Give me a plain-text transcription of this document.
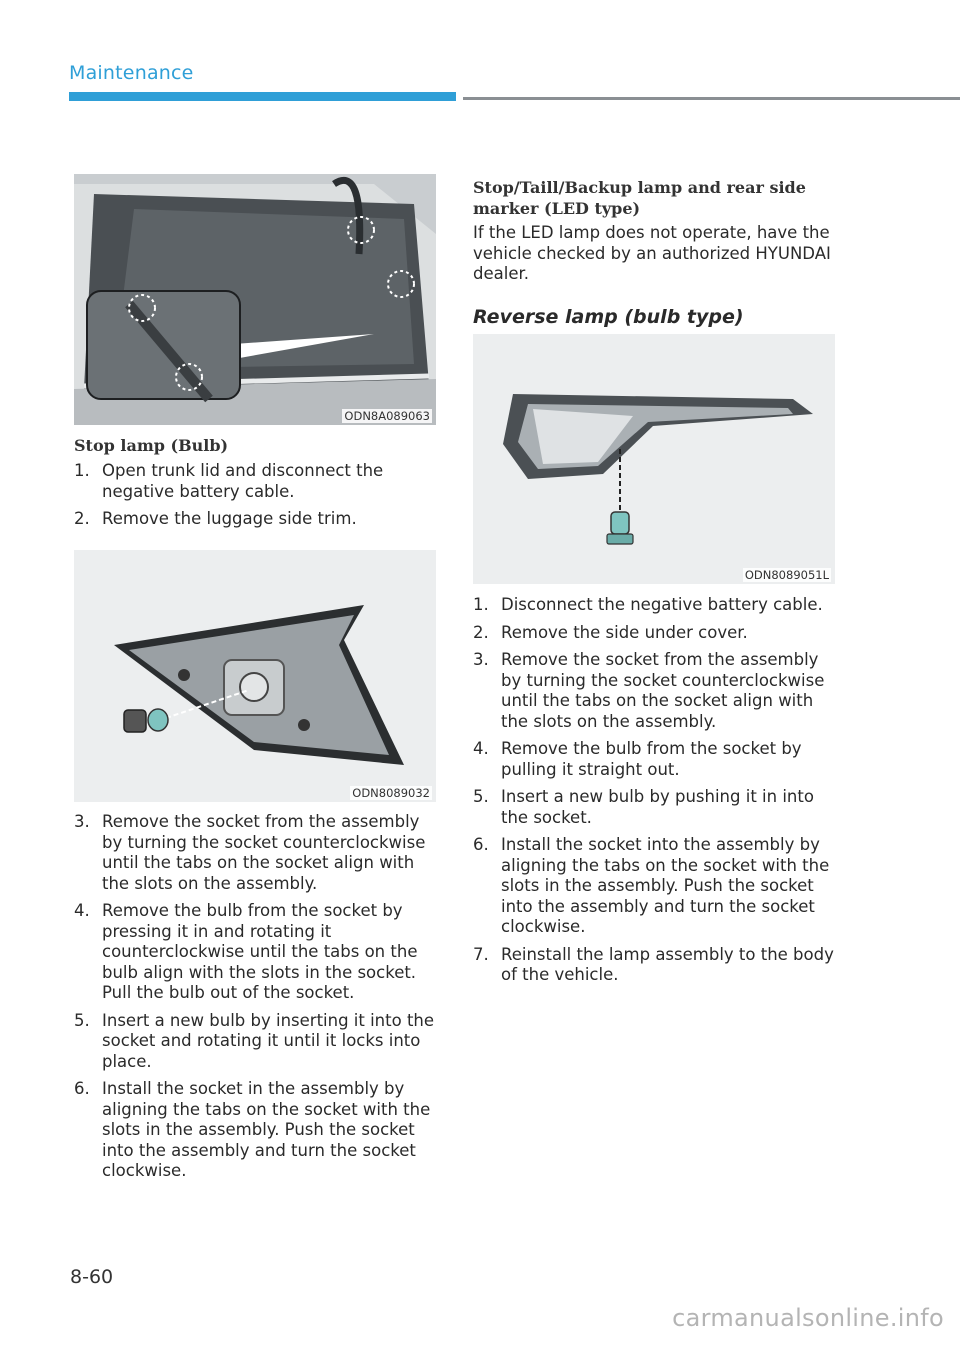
Maintenance
ODN8A089063
Stop lamp (Bulb)
1. Open trunk lid and disconnect the negative battery cable.
2. Remove the luggage side trim.
ODN8089032
3. Remove the socket from the assembly by turning the socket counterclockwise until the tabs on the socket align with the slots on the assembly.
4. Remove the bulb from the socket by pressing it in and rotating it counterclockwise until the tabs on the bulb align with the slots in the socket. Pull the bulb out of the socket.
5. Insert a new bulb by inserting it into the socket and rotating it until it locks into place.
6. Install the socket in the assembly by aligning the tabs on the socket with the slots in the assembly. Push the socket into the assembly and turn the socket clockwise.
Stop/Taill/Backup lamp and rear side marker (LED type)
If the LED lamp does not operate, have the vehicle checked by an authorized HYUNDAI dealer.
Reverse lamp (bulb type)
ODN8089051L
1. Disconnect the negative battery cable.
2. Remove the side under cover.
3. Remove the socket from the assembly by turning the socket counterclockwise until the tabs on the socket align with the slots on the assembly.
4. Remove the bulb from the socket by pulling it straight out.
5. Insert a new bulb by pushing it in into the socket.
6. Install the socket into the assembly by aligning the tabs on the socket with the slots in the assembly. Push the socket into the assembly and turn the socket clockwise.
7. Reinstall the lamp assembly to the body of the vehicle.
8-60
carmanualsonline.info
